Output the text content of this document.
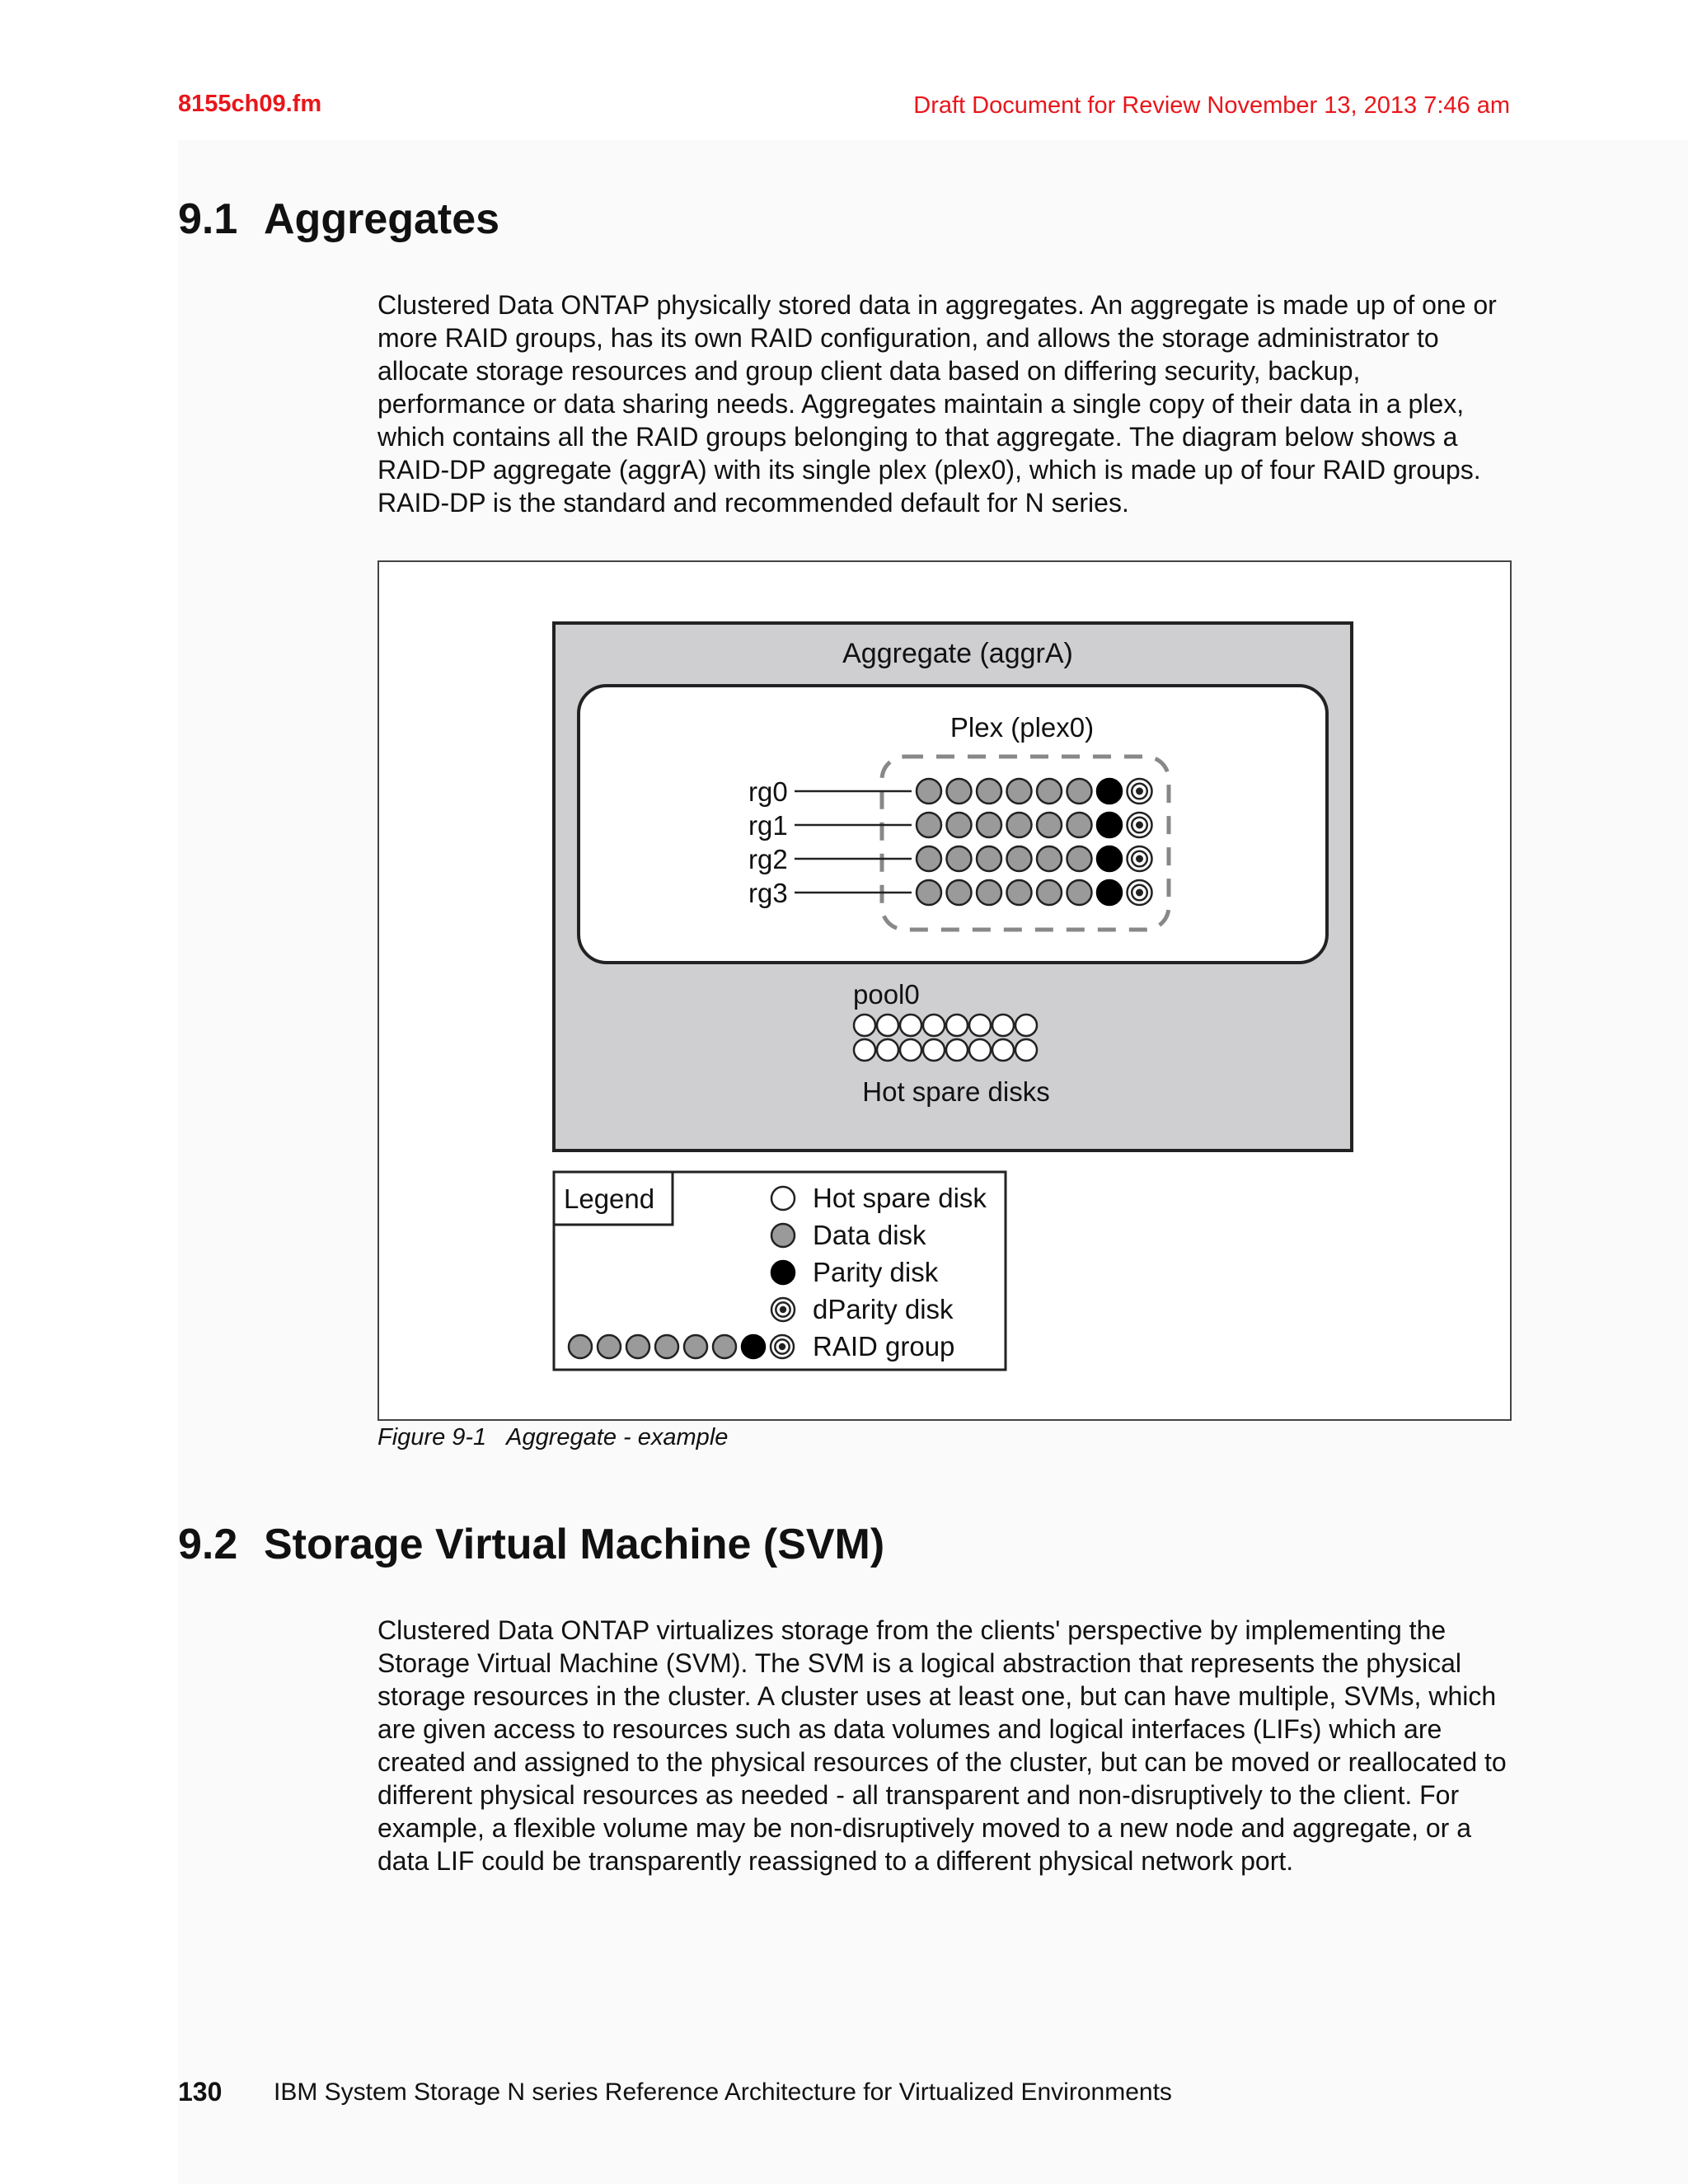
8155ch09.fm	Draft Document for Review November 13, 2013 7:46 am
9.1 Aggregates

Clustered Data ONTAP physically stored data in aggregates. An aggregate is made up of one or more RAID groups, has its own RAID configuration, and allows the storage administrator to allocate storage resources and group client data based on differing security, backup, performance or data sharing needs. Aggregates maintain a single copy of their data in a plex, which contains all the RAID groups belonging to that aggregate. The diagram below shows a RAID-DP aggregate (aggrA) with its single plex (plex0), which is made up of four RAID groups. RAID-DP is the standard and recommended default for N series.

Aggregate (aggrA)
Plex (plex0)
rg0
rg1
rg2
rg3
pool0
Hot spare disks
Legend	Hot spare disk
Data disk
Parity disk
dParity disk
RAID group
Figure 9-1 Aggregate - example
9.2 Storage Virtual Machine (SVM)

Clustered Data ONTAP virtualizes storage from the clients' perspective by implementing the Storage Virtual Machine (SVM). The SVM is a logical abstraction that represents the physical storage resources in the cluster. A cluster uses at least one, but can have multiple, SVMs, which are given access to resources such as data volumes and logical interfaces (LIFs) which are created and assigned to the physical resources of the cluster, but can be moved or reallocated to different physical resources as needed - all transparent and non-disruptively to the client. For example, a flexible volume may be non-disruptively moved to a new node and aggregate, or a data LIF could be transparently reassigned to a different physical network port.

130 IBM System Storage N series Reference Architecture for Virtualized Environments
